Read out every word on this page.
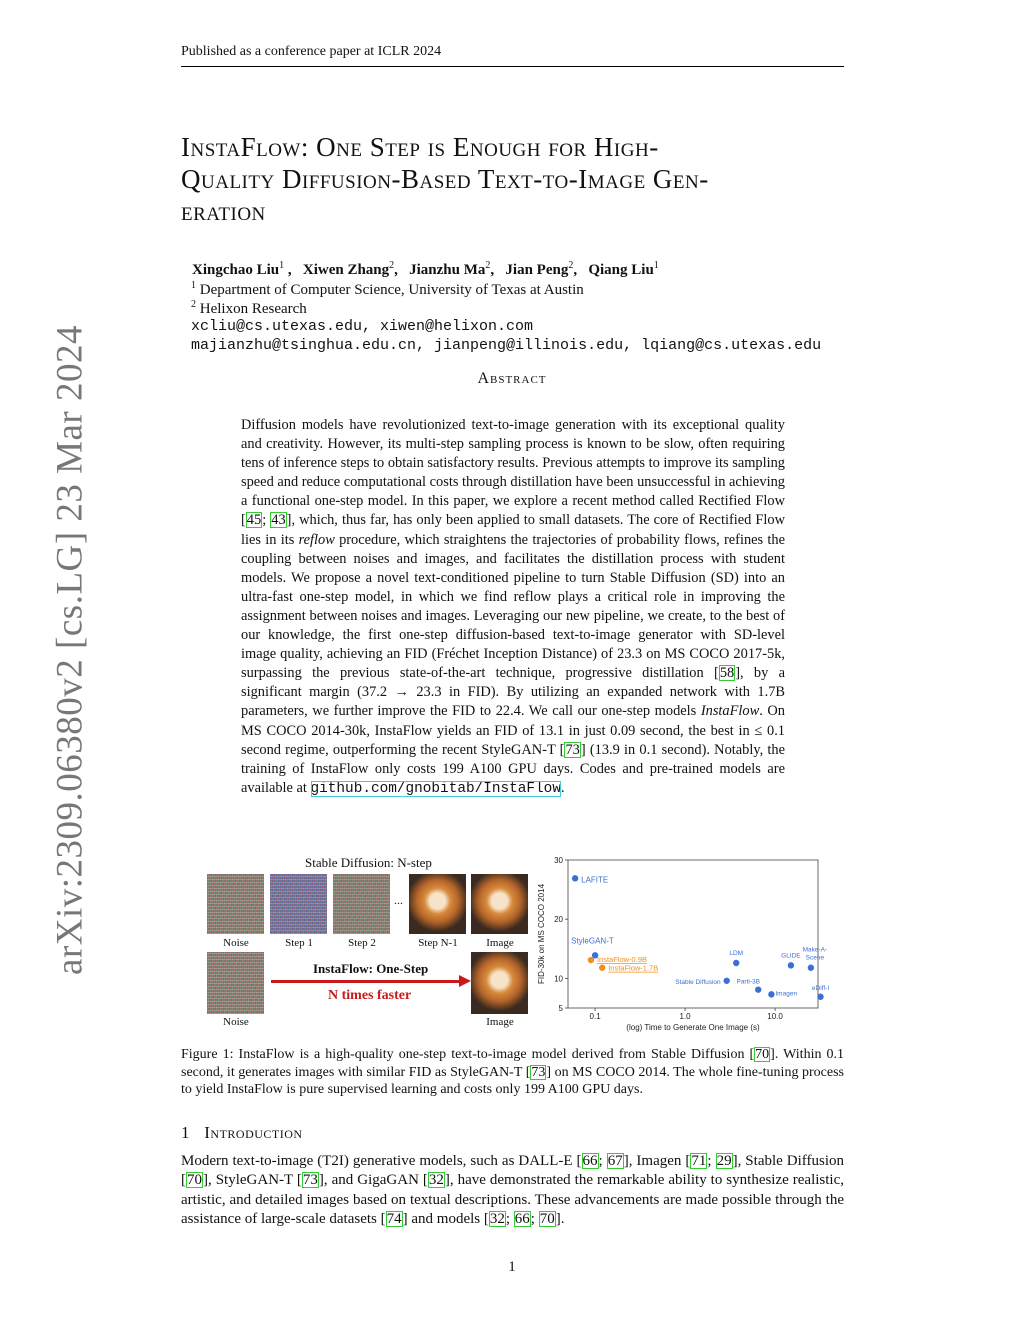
Published as a conference paper at ICLR 2024
arXiv:2309.06380v2 [cs.LG] 23 Mar 2024
InstaFlow: One Step is Enough for High-
Quality Diffusion-Based Text-to-Image Gen-
eration
Xingchao Liu$^1$ ,   Xiwen Zhang$^2$,   Jianzhu Ma$^2$,   Jian Peng$^2$,   Qiang Liu$^1$
$^1$ Department of Computer Science, University of Texas at Austin
$^2$ Helixon Research
xcliu@cs.utexas.edu, xiwen@helixon.com
majianzhu@tsinghua.edu.cn, jianpeng@illinois.edu, lqiang@cs.utexas.edu
Abstract
Diffusion models have revolutionized text-to-image generation with its exceptional quality and creativity. However, its multi-step sampling process is known to be slow, often requiring tens of inference steps to obtain satisfactory results. Previous attempts to improve its sampling speed and reduce computational costs through distillation have been unsuccessful in achieving a functional one-step model. In this paper, we explore a recent method called Rectified Flow [45; 43], which, thus far, has only been applied to small datasets. The core of Rectified Flow lies in its reflow procedure, which straightens the trajectories of probability flows, refines the coupling between noises and images, and facilitates the distillation process with student models. We propose a novel text-conditioned pipeline to turn Stable Diffusion (SD) into an ultra-fast one-step model, in which we find reflow plays a critical role in improving the assignment between noises and images. Leveraging our new pipeline, we create, to the best of our knowledge, the first one-step diffusion-based text-to-image generator with SD-level image quality, achieving an FID (Fréchet Inception Distance) of 23.3 on MS COCO 2017-5k, surpassing the previous state-of-the-art technique, progressive distillation [58], by a significant margin (37.2 → 23.3 in FID). By utilizing an expanded network with 1.7B parameters, we further improve the FID to 22.4. We call our one-step models InstaFlow. On MS COCO 2014-30k, InstaFlow yields an FID of 13.1 in just 0.09 second, the best in ≤ 0.1 second regime, outperforming the recent StyleGAN-T [73] (13.9 in 0.1 second). Notably, the training of InstaFlow only costs 199 A100 GPU days. Codes and pre-trained models are available at github.com/gnobitab/InstaFlow.
Stable Diffusion: N-step
...
Noise	Step 1	Step 2	Step N-1	Image
InstaFlow: One-Step
N times faster
Noise	Image	0.1	1.0	10.0
5
10
20
30
LAFITE
StyleGAN-T
InstaFlow-0.9B
InstaFlow-1.7B
LDM	GLIDE
Make-A-
Scene
Parti-3B
Stable Diffusion
Imagen
eDiff-I
(log) Time to Generate One Image (s)
FID-30k on MS COCO 2014
Figure 1: InstaFlow is a high-quality one-step text-to-image model derived from Stable Diffusion [70]. Within 0.1 second, it generates images with similar FID as StyleGAN-T [73] on MS COCO 2014. The whole fine-tuning process to yield InstaFlow is pure supervised learning and costs only 199 A100 GPU days.
1 Introduction
Modern text-to-image (T2I) generative models, such as DALL-E [66; 67], Imagen [71; 29], Stable Diffusion [70], StyleGAN-T [73], and GigaGAN [32], have demonstrated the remarkable ability to synthesize realistic, artistic, and detailed images based on textual descriptions. These advancements are made possible through the assistance of large-scale datasets [74] and models [32; 66; 70].
1
